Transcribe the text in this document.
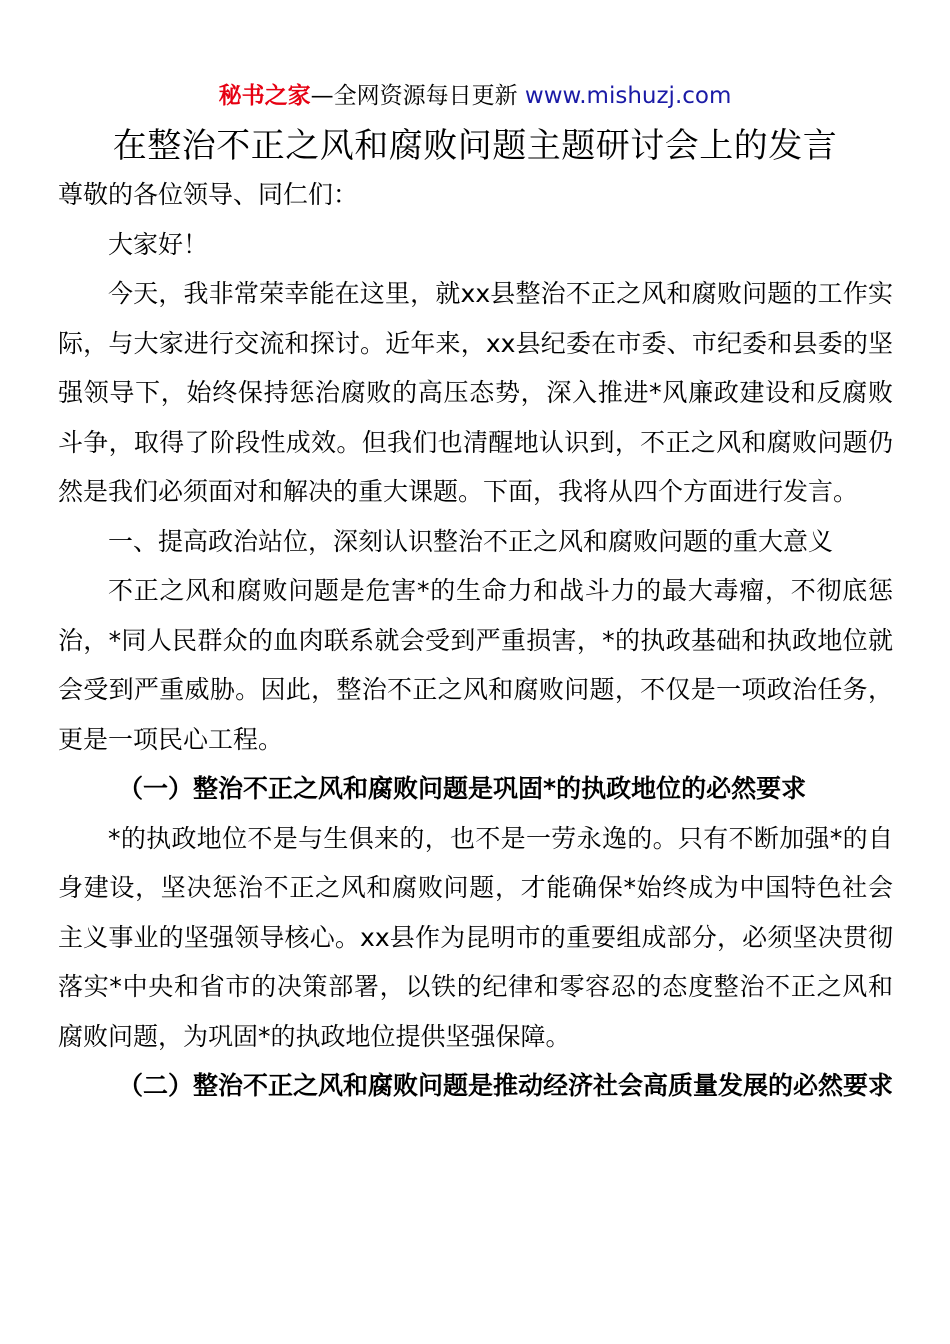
秘书之家—全网资源每日更新 www.mishuzj.com
在整治不正之风和腐败问题主题研讨会上的发言

尊敬的各位领导、同仁们：

大家好！

今天，我非常荣幸能在这里，就xx县整治不正之风和腐败问题的工作实际，与大家进行交流和探讨。近年来，xx县纪委在市委、市纪委和县委的坚强领导下，始终保持惩治腐败的高压态势，深入推进*风廉政建设和反腐败斗争，取得了阶段性成效。但我们也清醒地认识到，不正之风和腐败问题仍然是我们必须面对和解决的重大课题。下面，我将从四个方面进行发言。

一、提高政治站位，深刻认识整治不正之风和腐败问题的重大意义

不正之风和腐败问题是危害*的生命力和战斗力的最大毒瘤，不彻底惩治，*同人民群众的血肉联系就会受到严重损害，*的执政基础和执政地位就会受到严重威胁。因此，整治不正之风和腐败问题，不仅是一项政治任务，更是一项民心工程。

（一）整治不正之风和腐败问题是巩固*的执政地位的必然要求

*的执政地位不是与生俱来的，也不是一劳永逸的。只有不断加强*的自身建设，坚决惩治不正之风和腐败问题，才能确保*始终成为中国特色社会主义事业的坚强领导核心。xx县作为昆明市的重要组成部分，必须坚决贯彻落实*中央和省市的决策部署，以铁的纪律和零容忍的态度整治不正之风和腐败问题，为巩固*的执政地位提供坚强保障。

（二）整治不正之风和腐败问题是推动经济社会高质量发展的必然要求
